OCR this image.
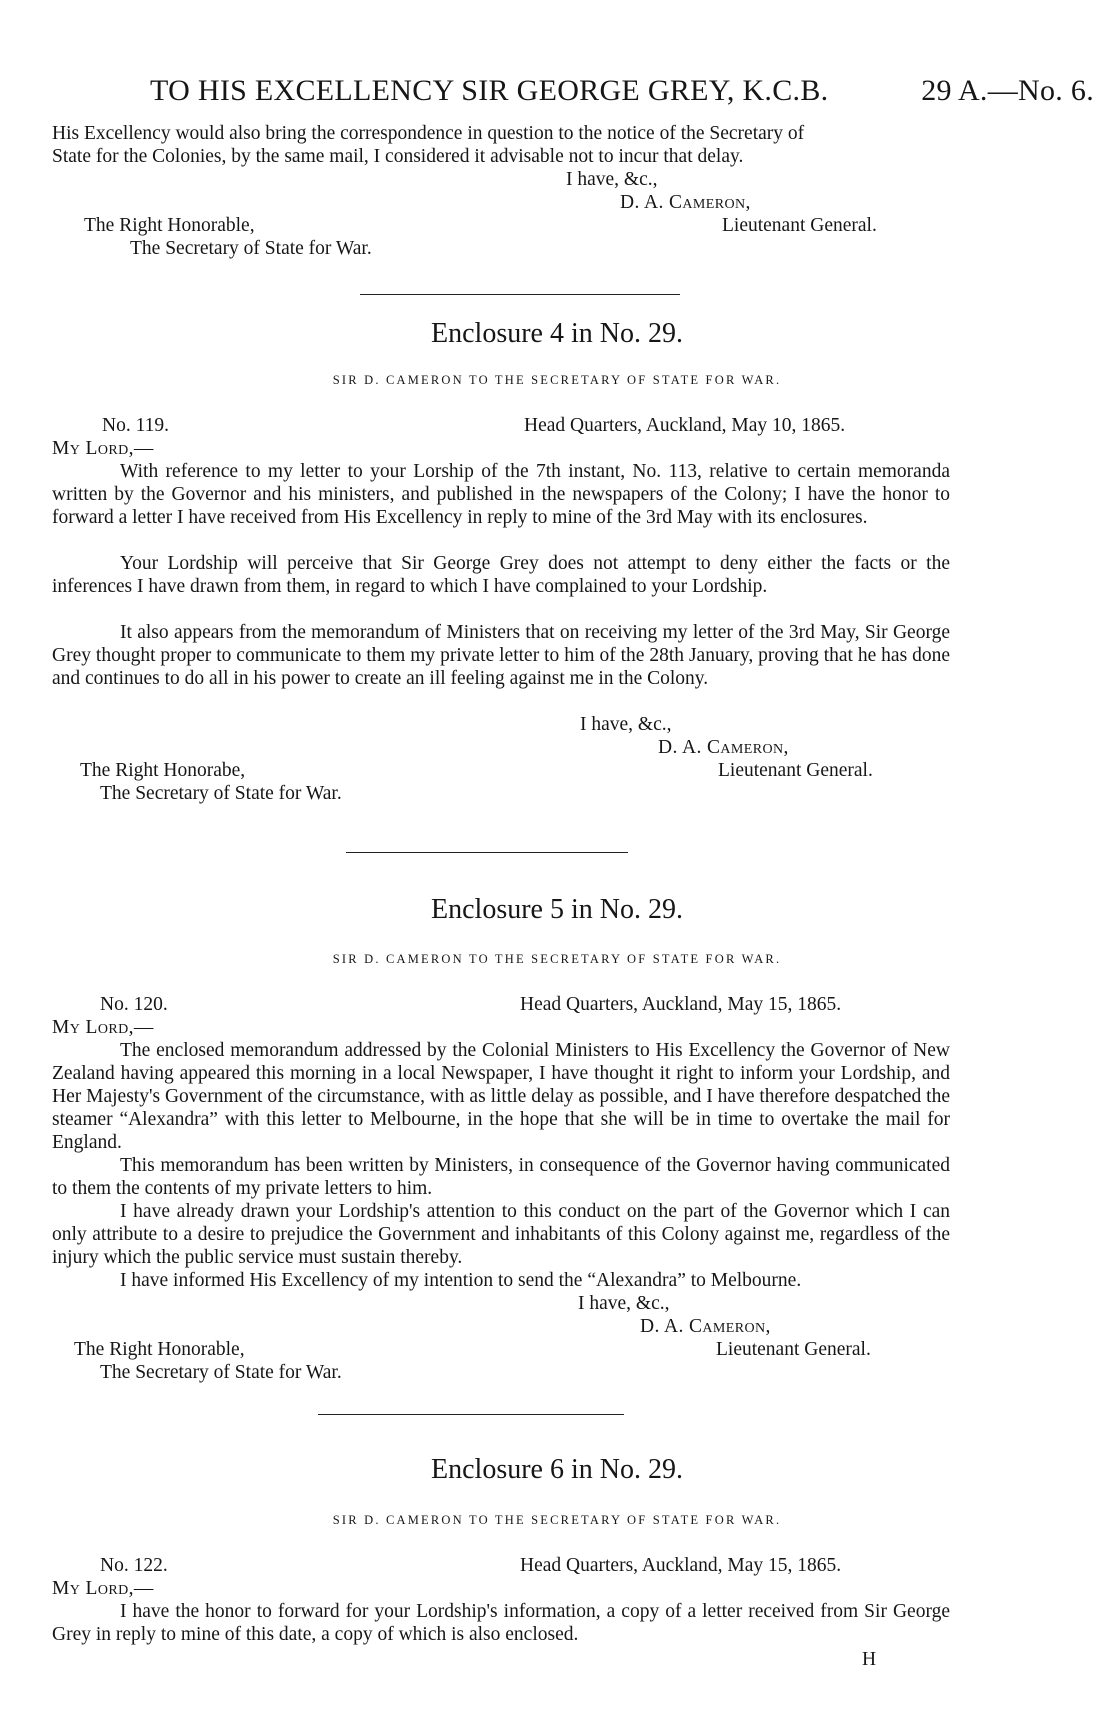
TO HIS EXCELLENCY SIR GEORGE GREY, K.C.B.	29 A.—No. 6.
His Excellency would also bring the correspondence in question to the notice of the Secretary of
State for the Colonies, by the same mail, I considered it advisable not to incur that delay.
I have, &c.,
D. A. Cameron,
The Right Honorable,	Lieutenant General.
The Secretary of State for War.
Enclosure 4 in No. 29.
SIR D. CAMERON TO THE SECRETARY OF STATE FOR WAR.
No. 119.	Head Quarters, Auckland, May 10, 1865.
My Lord,—
With reference to my letter to your Lorship of the 7th instant, No. 113, relative to certain memoranda written by the Governor and his ministers, and published in the newspapers of the Colony; I have the honor to forward a letter I have received from His Excellency in reply to mine of the 3rd May with its enclosures.
Your Lordship will perceive that Sir George Grey does not attempt to deny either the facts or the inferences I have drawn from them, in regard to which I have complained to your Lordship.
It also appears from the memorandum of Ministers that on receiving my letter of the 3rd May, Sir George Grey thought proper to communicate to them my private letter to him of the 28th January, proving that he has done and continues to do all in his power to create an ill feeling against me in the Colony.
I have, &c.,
D. A. Cameron,
Lieutenant General.
The Right Honorabe,
The Secretary of State for War.
Enclosure 5 in No. 29.
SIR D. CAMERON TO THE SECRETARY OF STATE FOR WAR.
No. 120.	Head Quarters, Auckland, May 15, 1865.
My Lord,—
The enclosed memorandum addressed by the Colonial Ministers to His Excellency the Governor of New Zealand having appeared this morning in a local Newspaper, I have thought it right to inform your Lordship, and Her Majesty's Government of the circumstance, with as little delay as possible, and I have therefore despatched the steamer “Alexandra” with this letter to Melbourne, in the hope that she will be in time to overtake the mail for England.
This memorandum has been written by Ministers, in consequence of the Governor having communicated to them the contents of my private letters to him.
I have already drawn your Lordship's attention to this conduct on the part of the Governor which I can only attribute to a desire to prejudice the Government and inhabitants of this Colony against me, regardless of the injury which the public service must sustain thereby.
I have informed His Excellency of my intention to send the “Alexandra” to Melbourne.
I have, &c.,
D. A. Cameron,
Lieutenant General.
The Right Honorable,
The Secretary of State for War.
Enclosure 6 in No. 29.
SIR D. CAMERON TO THE SECRETARY OF STATE FOR WAR.
No. 122.	Head Quarters, Auckland, May 15, 1865.
My Lord,—
I have the honor to forward for your Lordship's information, a copy of a letter received from Sir George Grey in reply to mine of this date, a copy of which is also enclosed.
H
